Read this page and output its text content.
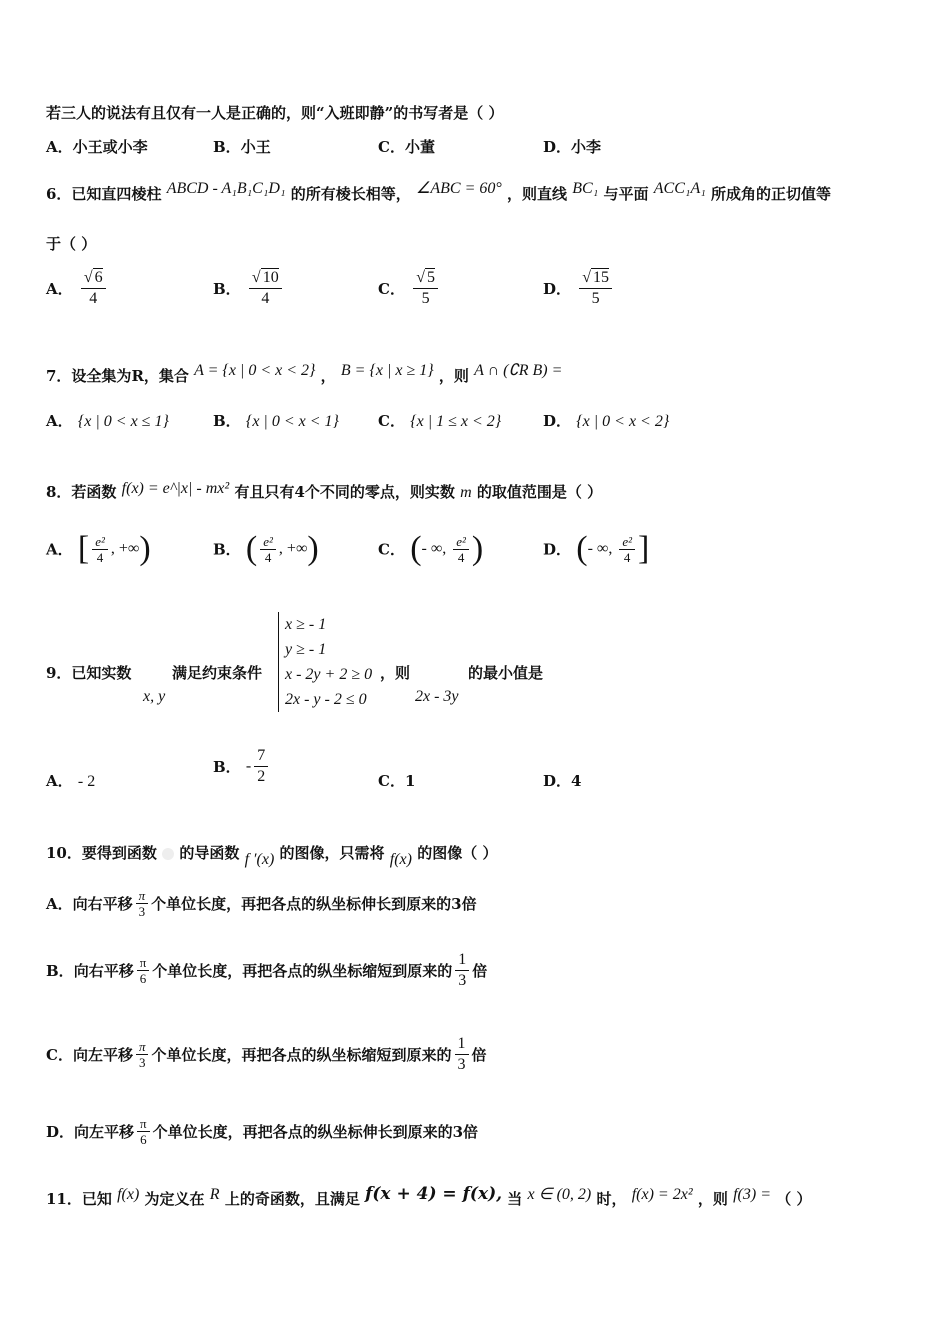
若三人的说法有且仅有一人是正确的，则“入班即静”的书写者是（ ）
A．小王或小李	B．小王	C．小董	D．小李
6．已知直四棱柱 ABCD - A₁B₁C₁D₁ 的所有棱长相等， ∠ABC = 60° ，则直线 BC₁ 与平面 ACC₁A₁ 所成角的正切值等
于（ ）
A． $\frac{√ 6}{4}$	B． $\frac{√ 10}{4}$	C． $\frac{√ 5}{5}$	D． $\frac{√ 15}{5}$
7．设全集为R，集合 A = {x | 0 < x < 2} ， B = {x | x ≥ 1} ，则 A ∩ (∁R B) =
A． {x | 0 < x ≤ 1}	B． {x | 0 < x < 1}	C． {x | 1 ≤ x < 2}	D． {x | 0 < x < 2}
8．若函数 f(x) = e^|x| - mx² 有且只有4个不同的零点，则实数 m 的取值范围是（ ）
A． [ $\frac{\text{e²}}{4}$ , +∞)	B． ( $\frac{\text{e²}}{4}$ , +∞)	C． (- ∞, $\frac{\text{e²}}{4}$ )	D． (- ∞, $\frac{\text{e²}}{4}$ ]
9．已知实数
x, y
满足约束条件
x ≥ - 1
y ≥ - 1
x - 2y + 2 ≥ 0
2x - y - 2 ≤ 0
，则
2x - 3y
的最小值是
A． - 2
B． - $\frac{7}{2}$	C．1	D．4
10．要得到函数 的导函数 f ′(x) 的图像，只需将 f(x) 的图像（ ）
A．向右平移 $\frac{\pi}{3}$ 个单位长度，再把各点的纵坐标伸长到原来的3倍
B．向右平移 $\frac{\pi}{6}$ 个单位长度，再把各点的纵坐标缩短到原来的 $\frac{1}{3}$ 倍
C．向左平移 $\frac{\pi}{3}$ 个单位长度，再把各点的纵坐标缩短到原来的 $\frac{1}{3}$ 倍
D．向左平移 $\frac{\pi}{6}$ 个单位长度，再把各点的纵坐标伸长到原来的3倍
11．已知 f(x) 为定义在 R 上的奇函数，且满足 f(x + 4) = f(x), 当 x ∈ (0, 2) 时， f(x) = 2x² ，则 f(3) = （ ）
